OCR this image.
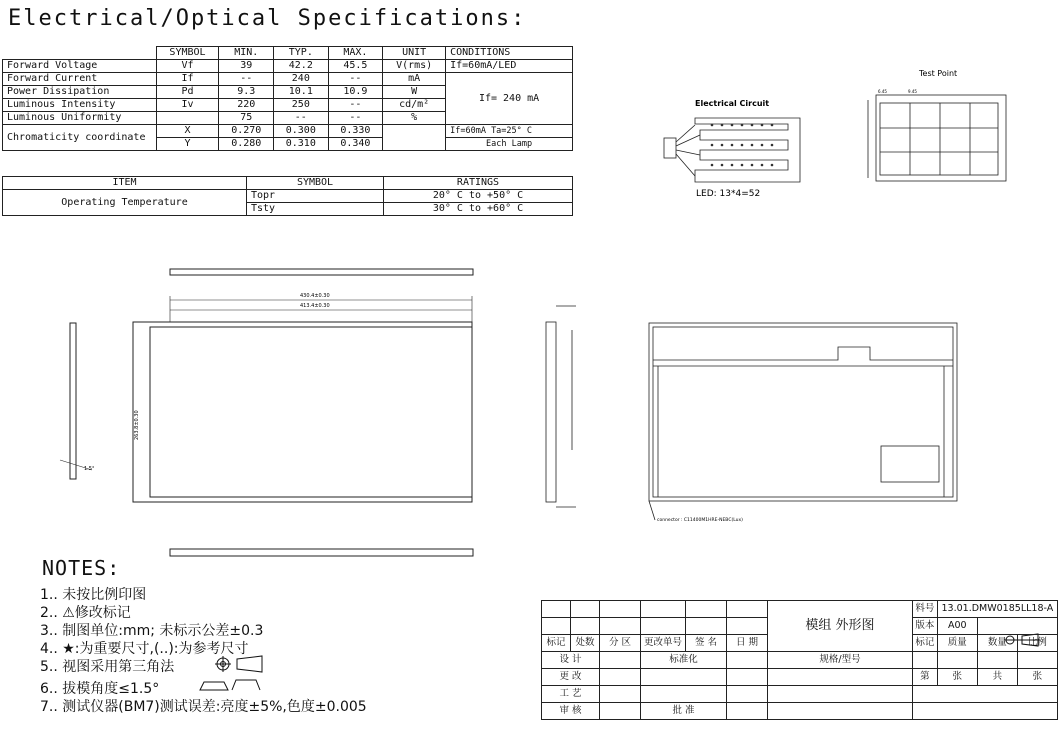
Electrical/Optical Specifications:
	SYMBOL	MIN.	TYP.	MAX.	UNIT	CONDITIONS
Forward Voltage	Vf	39	42.2	45.5	V(rms)	If=60mA/LED
Forward Current	If	--	240	--	mA	If= 240 mA
Power Dissipation	Pd	9.3	10.1	10.9	W	
Luminous Intensity	Iv	220	250	--	cd/m²	
Luminous Uniformity		75	--	--	%	
Chromaticity coordinate	X	0.270	0.300	0.330		If=60mA Ta=25° C
	Y	0.280	0.310	0.340		Each Lamp
ITEM	SYMBOL	RATINGS
Operating Temperature	Topr	20° C to +50° C
	Tsty	30° C to +60° C
Electrical Circuit
LED: 13*4=52
Test Point
6.45	9.45
430.4±0.30
413.4±0.30
263.8±0.30
1.5°
connector : C11400M1HRE-NEBC(Lux)
NOTES:
1.. 未按比例印图
2.. ⚠修改标记
3.. 制图单位:mm; 未标示公差±0.3
4.. ★:为重要尺寸,(..):为参考尺寸
5.. 视图采用第三角法
6.. 拔模角度≤1.5°
7.. 测试仪器(BM7)测试误差:亮度±5%,色度±0.005
						模组 外形图	料号	13.01.DMW0185LL18-A		
							版本	A00		
标记	处数	分 区	更改单号	签 名	日 期		标记	质量	数量	比例
设 计			标准化			规格/型号				
更 改							第	张	共	张
工 艺										
审 核			批 准							
